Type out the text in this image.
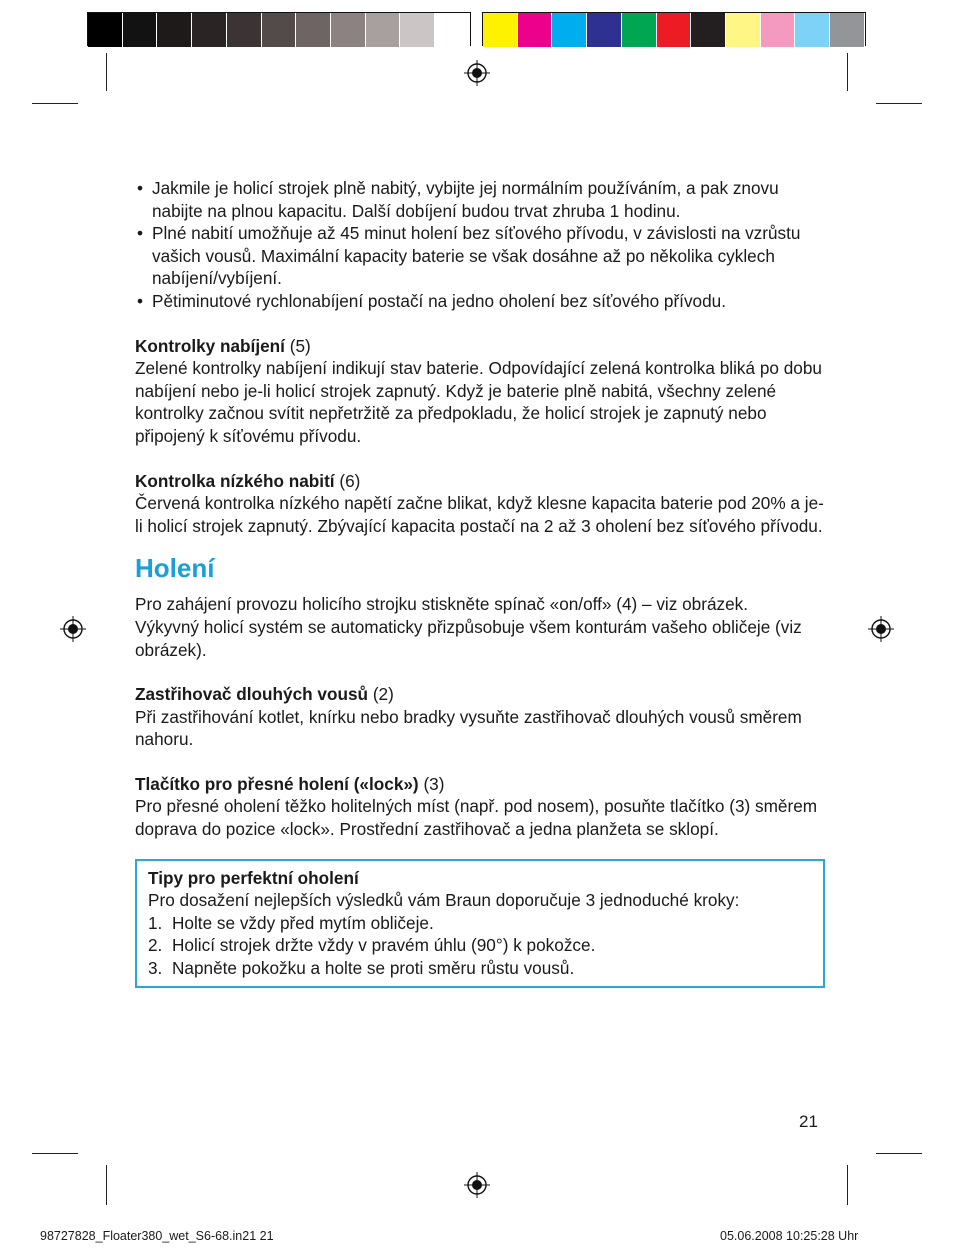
• Jakmile je holicí strojek plně nabitý, vybijte jej normálním používáním, a pak znovu nabijte na plnou kapacitu. Další dobíjení budou trvat zhruba 1 hodinu.
• Plné nabití umožňuje až 45 minut holení bez síťového přívodu, v závislosti na vzrůstu vašich vousů. Maximální kapacity baterie se však dosáhne až po několika cyklech nabíjení/vybíjení.
• Pětiminutové rychlonabíjení postačí na jedno oholení bez síťového přívodu.

Kontrolky nabíjení (5)

Zelené kontrolky nabíjení indikují stav baterie. Odpovídající zelená kontrolka bliká po dobu nabíjení nebo je-li holicí strojek zapnutý. Když je baterie plně nabitá, všechny zelené kontrolky začnou svítit nepřetržitě za předpokladu, že holicí strojek je zapnutý nebo připojený k síťovému přívodu.

Kontrolka nízkého nabití (6)

Červená kontrolka nízkého napětí začne blikat, když klesne kapacita baterie pod 20% a je-li holicí strojek zapnutý. Zbývající kapacita postačí na 2 až 3 oholení bez síťového přívodu.

Holení

Pro zahájení provozu holicího strojku stiskněte spínač «on/off» (4) – viz obrázek.

Výkyvný holicí systém se automaticky přizpůsobuje všem konturám vašeho obličeje (viz obrázek).

Zastřihovač dlouhých vousů (2)

Při zastřihování kotlet, knírku nebo bradky vysuňte zastřihovač dlouhých vousů směrem nahoru.

Tlačítko pro přesné holení («lock») (3)

Pro přesné oholení těžko holitelných míst (např. pod nosem), posuňte tlačítko (3) směrem doprava do pozice «lock». Prostřední zastřihovač a jedna planžeta se sklopí.

Tipy pro perfektní oholení

Pro dosažení nejlepších výsledků vám Braun doporučuje 3 jednoduché kroky:

1. Holte se vždy před mytím obličeje.
2. Holicí strojek držte vždy v pravém úhlu (90°) k pokožce.
3. Napněte pokožku a holte se proti směru růstu vousů.
21
98727828_Floater380_wet_S6-68.in21 21	05.06.2008 10:25:28 Uhr
